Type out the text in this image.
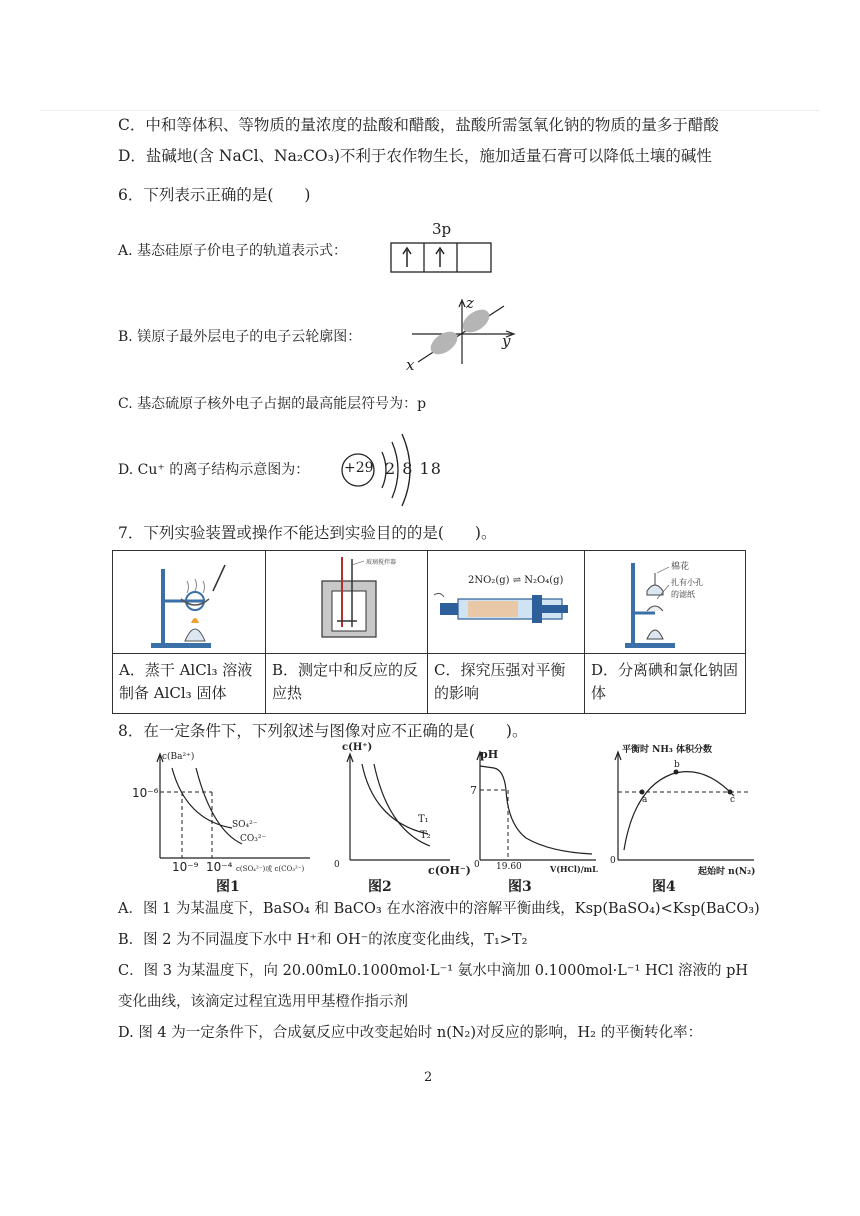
C．中和等体积、等物质的量浓度的盐酸和醋酸，盐酸所需氢氧化钠的物质的量多于醋酸
D．盐碱地(含 NaCl、Na₂CO₃)不利于农作物生长，施加适量石膏可以降低土壤的碱性
6．下列表示正确的是(　　)
A. 基态硅原子价电子的轨道表示式：
3p
B. 镁原子最外层电子的电子云轮廓图：
z
y
x
C. 基态硫原子核外电子占据的最高能层符号为：p
D. Cu⁺ 的离子结构示意图为： +29 2 8 18
7．下列实验装置或操作不能达到实验目的的是(　　)。
A．蒸干 AlCl₃ 溶液制备 AlCl₃ 固体
玻璃搅拌器
B．测定中和反应的反应热
2NO₂(g) ⇌ N₂O₄(g)
C．探究压强对平衡的影响
棉花
扎有小孔
的滤纸
D．分离碘和氯化钠固体
8．在一定条件下，下列叙述与图像对应不正确的是(　　)。
c(Ba²⁺)
10⁻⁶
SO₄²⁻
CO₃²⁻
10⁻⁹ 10⁻⁴ c(SO₄²⁻)或 c(CO₃²⁻)
图1
c(H⁺)
T₁
T₂
0	c(OH⁻)
图2
pH
7
0 19.60	V(HCl)/mL
图3
平衡时 NH₃ 体积分数
a
b
c
0
起始时 n(N₂)
图4
A．图 1 为某温度下，BaSO₄ 和 BaCO₃ 在水溶液中的溶解平衡曲线，Ksp(BaSO₄)<Ksp(BaCO₃)
B．图 2 为不同温度下水中 H⁺和 OH⁻的浓度变化曲线，T₁>T₂
C．图 3 为某温度下，向 20.00mL0.1000mol·L⁻¹ 氨水中滴加 0.1000mol·L⁻¹ HCl 溶液的 pH
变化曲线，该滴定过程宜选用甲基橙作指示剂
D. 图 4 为一定条件下，合成氨反应中改变起始时 n(N₂)对反应的影响，H₂ 的平衡转化率：
2
